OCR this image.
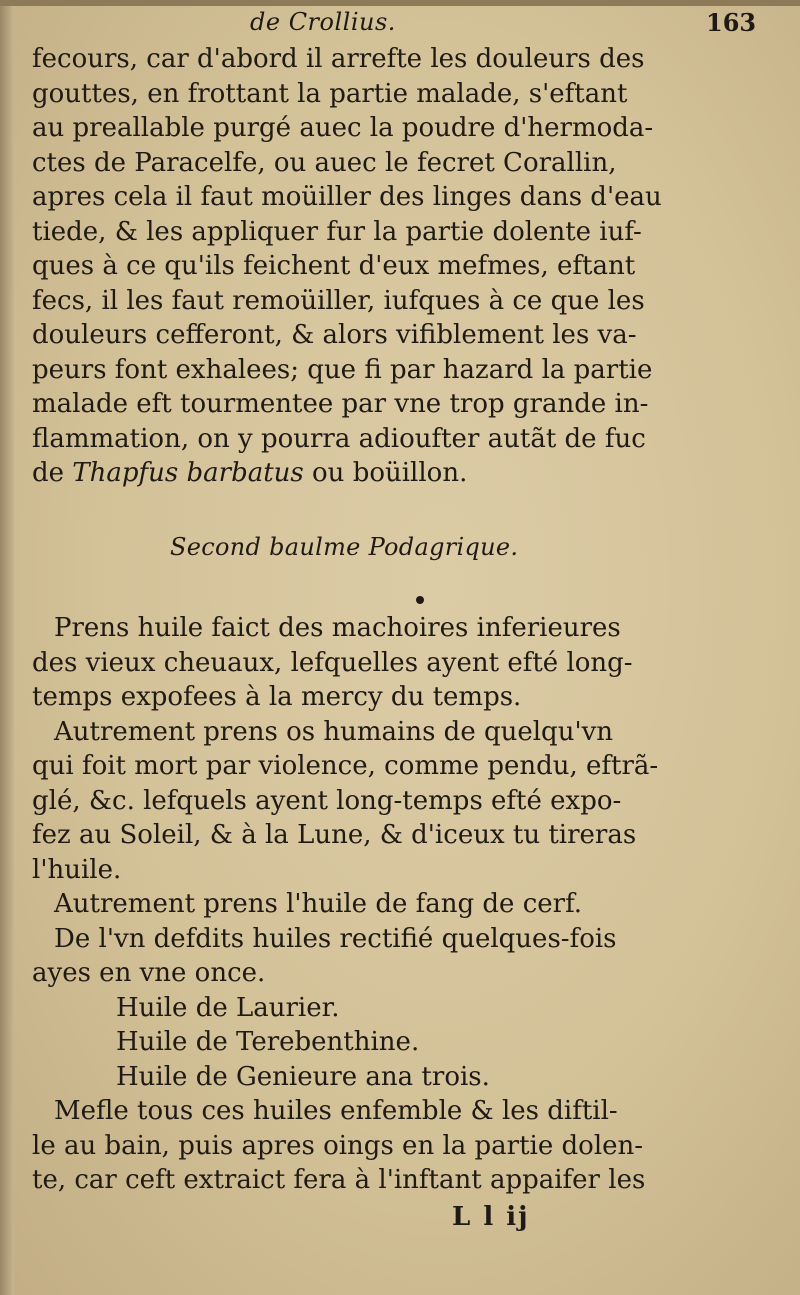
de Crollius.	163

fecours, car d'abord il arrefte les douleurs des

gouttes, en frottant la partie malade, s'eftant

au preallable purgé auec la poudre d'hermoda-

ctes de Paracelfe, ou auec le fecret Corallin,

apres cela il faut moüiller des linges dans d'eau

tiede, & les appliquer fur la partie dolente iuf-

ques à ce qu'ils feichent d'eux mefmes, eftant

fecs, il les faut remoüiller, iufques à ce que les

douleurs cefferont, & alors vifiblement les va-

peurs font exhalees; que fi par hazard la partie

malade eft tourmentee par vne trop grande in-

flammation, on y pourra adioufter autãt de fuc

de Thapfus barbatus ou boüillon.

Second baulme Podagrique.

Prens huile faict des machoires inferieures

des vieux cheuaux, lefquelles ayent efté long-

temps expofees à la mercy du temps.

Autrement prens os humains de quelqu'vn

qui foit mort par violence, comme pendu, eftrã-

glé, &c. lefquels ayent long-temps efté expo-

fez au Soleil, & à la Lune, & d'iceux tu tireras

l'huile.

Autrement prens l'huile de fang de cerf.

De l'vn defdits huiles rectifié quelques-fois

ayes en vne once.

Huile de Laurier.

Huile de Terebenthine.

Huile de Genieure ana trois.

Mefle tous ces huiles enfemble & les diftil-

le au bain, puis apres oings en la partie dolen-

te, car ceft extraict fera à l'inftant appaifer les

L l ij
